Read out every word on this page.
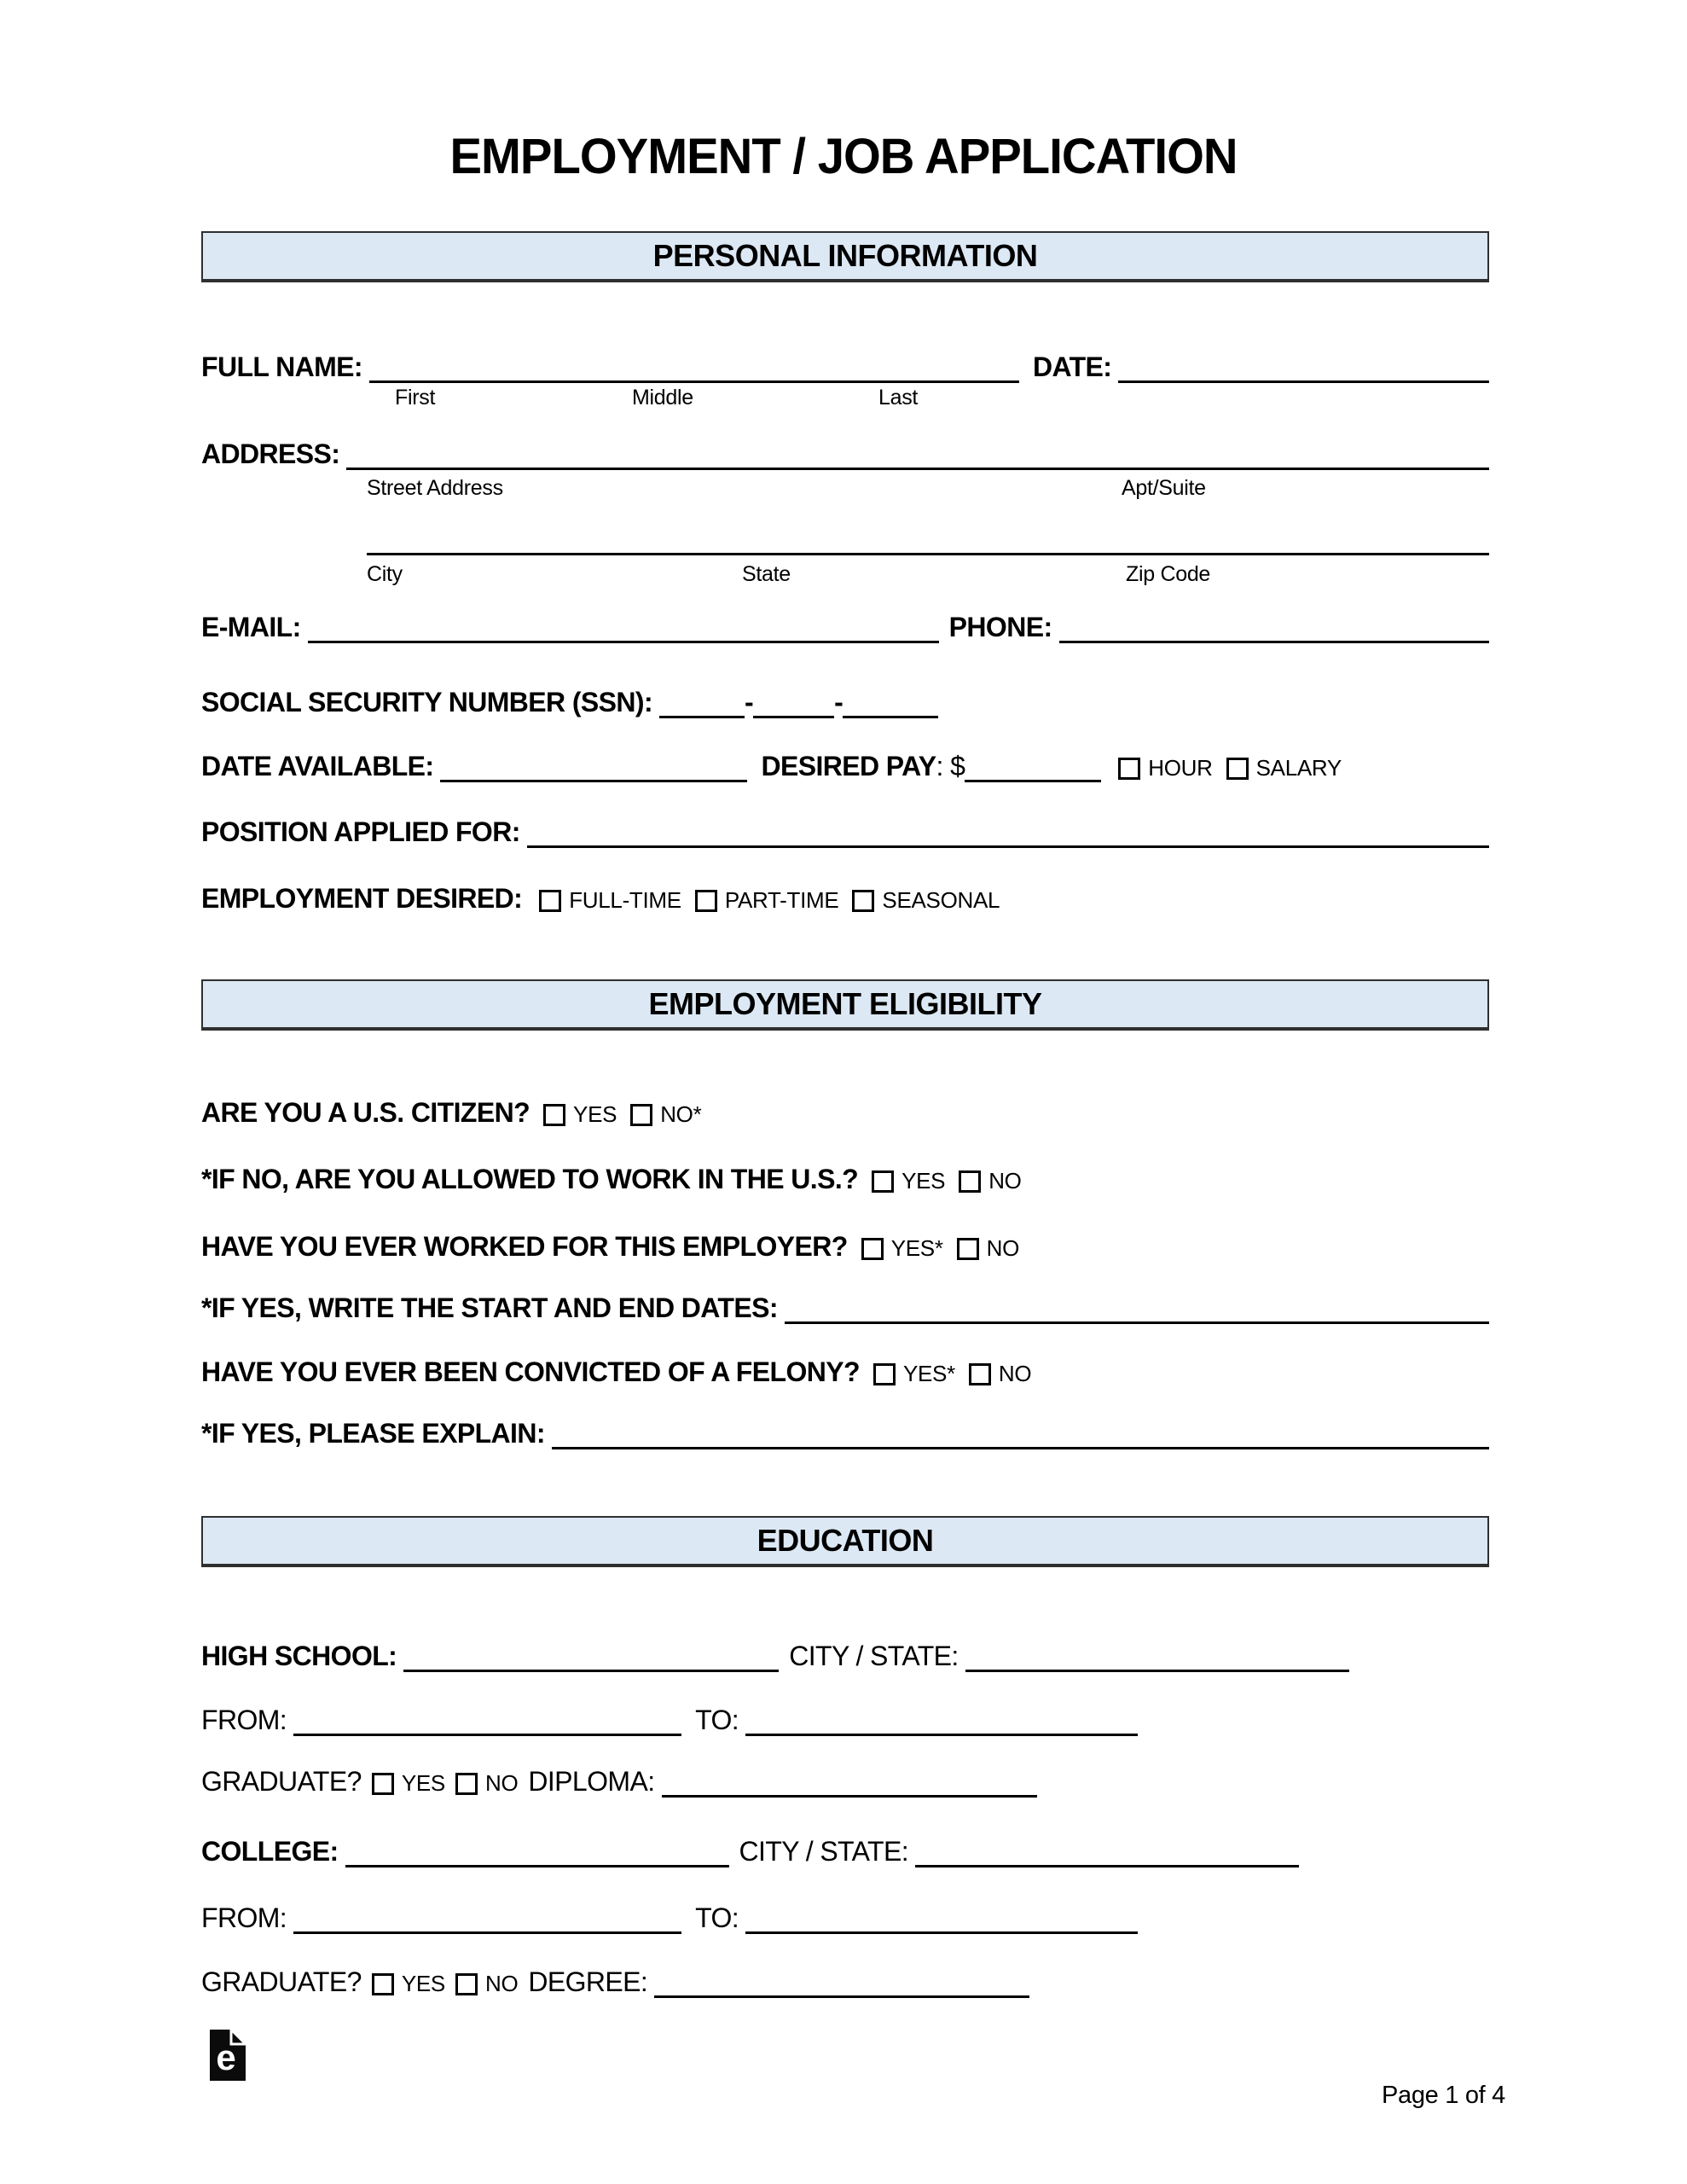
EMPLOYMENT / JOB APPLICATION
PERSONAL INFORMATION
FULL NAME:	DATE:
First	Middle	Last
ADDRESS:
Street Address	Apt/Suite
City	State	Zip Code
E-MAIL:	PHONE:
SOCIAL SECURITY NUMBER (SSN):	-	-
DATE AVAILABLE:	DESIRED PAY : $	HOUR SALARY
POSITION APPLIED FOR:
EMPLOYMENT DESIRED: FULL-TIME PART-TIME SEASONAL
EMPLOYMENT ELIGIBILITY
ARE YOU A U.S. CITIZEN? YES NO*
*IF NO, ARE YOU ALLOWED TO WORK IN THE U.S.? YES NO
HAVE YOU EVER WORKED FOR THIS EMPLOYER? YES* NO
*IF YES, WRITE THE START AND END DATES:
HAVE YOU EVER BEEN CONVICTED OF A FELONY? YES* NO
*IF YES, PLEASE EXPLAIN:
EDUCATION
HIGH SCHOOL:	CITY / STATE:
FROM:	TO:
GRADUATE? YES NO DIPLOMA:
COLLEGE:	CITY / STATE:
FROM:	TO:
GRADUATE? YES NO DEGREE:
e
Page 1 of 4
